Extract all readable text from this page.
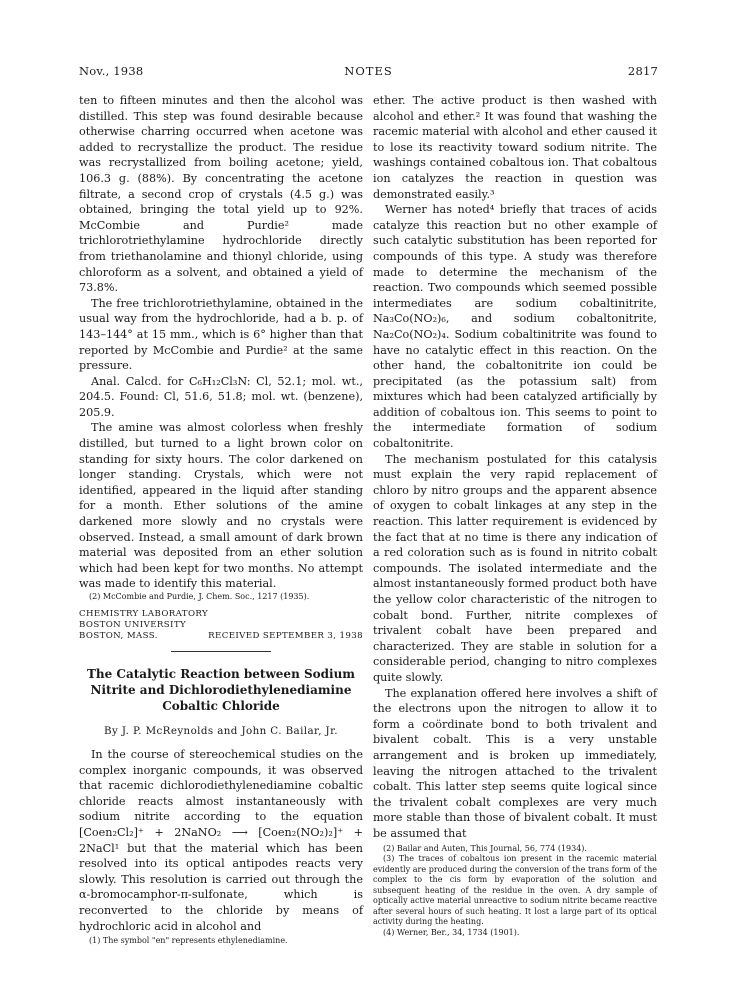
Nov., 1938	NOTES	2817

ten to fifteen minutes and then the alcohol was distilled. This step was found desirable because otherwise charring occurred when acetone was added to recrystallize the product. The residue was recrystallized from boiling acetone; yield, 106.3 g. (88%). By concentrating the acetone filtrate, a second crop of crystals (4.5 g.) was obtained, bringing the total yield up to 92%. McCombie and Purdie² made trichlorotriethylamine hydrochloride directly from triethanolamine and thionyl chloride, using chloroform as a solvent, and obtained a yield of 73.8%.

The free trichlorotriethylamine, obtained in the usual way from the hydrochloride, had a b. p. of 143–144° at 15 mm., which is 6° higher than that reported by McCombie and Purdie² at the same pressure.

Anal. Calcd. for C₆H₁₂Cl₃N: Cl, 52.1; mol. wt., 204.5. Found: Cl, 51.6, 51.8; mol. wt. (benzene), 205.9.

The amine was almost colorless when freshly distilled, but turned to a light brown color on standing for sixty hours. The color darkened on longer standing. Crystals, which were not identified, appeared in the liquid after standing for a month. Ether solutions of the amine darkened more slowly and no crystals were observed. Instead, a small amount of dark brown material was deposited from an ether solution which had been kept for two months. No attempt was made to identify this material.

(2) McCombie and Purdie, J. Chem. Soc., 1217 (1935).

CHEMISTRY LABORATORY
BOSTON UNIVERSITY
BOSTON, MASS.	RECEIVED SEPTEMBER 3, 1938
The Catalytic Reaction between Sodium Nitrite and Dichlorodiethylenediamine Cobaltic Chloride
By J. P. McReynolds and John C. Bailar, Jr.

In the course of stereochemical studies on the complex inorganic compounds, it was observed that racemic dichlorodiethylenediamine cobaltic chloride reacts almost instantaneously with sodium nitrite according to the equation [Coen₂Cl₂]⁺ + 2NaNO₂ ⟶ [Coen₂(NO₂)₂]⁺ + 2NaCl¹ but that the material which has been resolved into its optical antipodes reacts very slowly. This resolution is carried out through the α-bromocamphor-π-sulfonate, which is reconverted to the chloride by means of hydrochloric acid in alcohol and

(1) The symbol "en" represents ethylenediamine.

ether. The active product is then washed with alcohol and ether.² It was found that washing the racemic material with alcohol and ether caused it to lose its reactivity toward sodium nitrite. The washings contained cobaltous ion. That cobaltous ion catalyzes the reaction in question was demonstrated easily.³

Werner has noted⁴ briefly that traces of acids catalyze this reaction but no other example of such catalytic substitution has been reported for compounds of this type. A study was therefore made to determine the mechanism of the reaction. Two compounds which seemed possible intermediates are sodium cobaltinitrite, Na₃Co(NO₂)₆, and sodium cobaltonitrite, Na₂Co(NO₂)₄. Sodium cobaltinitrite was found to have no catalytic effect in this reaction. On the other hand, the cobaltonitrite ion could be precipitated (as the potassium salt) from mixtures which had been catalyzed artificially by addition of cobaltous ion. This seems to point to the intermediate formation of sodium cobaltonitrite.

The mechanism postulated for this catalysis must explain the very rapid replacement of chloro by nitro groups and the apparent absence of oxygen to cobalt linkages at any step in the reaction. This latter requirement is evidenced by the fact that at no time is there any indication of a red coloration such as is found in nitrito cobalt compounds. The isolated intermediate and the almost instantaneously formed product both have the yellow color characteristic of the nitrogen to cobalt bond. Further, nitrite complexes of trivalent cobalt have been prepared and characterized. They are stable in solution for a considerable period, changing to nitro complexes quite slowly.

The explanation offered here involves a shift of the electrons upon the nitrogen to allow it to form a coördinate bond to both trivalent and bivalent cobalt. This is a very unstable arrangement and is broken up immediately, leaving the nitrogen attached to the trivalent cobalt. This latter step seems quite logical since the trivalent cobalt complexes are very much more stable than those of bivalent cobalt. It must be assumed that

(2) Bailar and Auten, This Journal, 56, 774 (1934).

(3) The traces of cobaltous ion present in the racemic material evidently are produced during the conversion of the trans form of the complex to the cis form by evaporation of the solution and subsequent heating of the residue in the oven. A dry sample of optically active material unreactive to sodium nitrite became reactive after several hours of such heating. It lost a large part of its optical activity during the heating.

(4) Werner, Ber., 34, 1734 (1901).
